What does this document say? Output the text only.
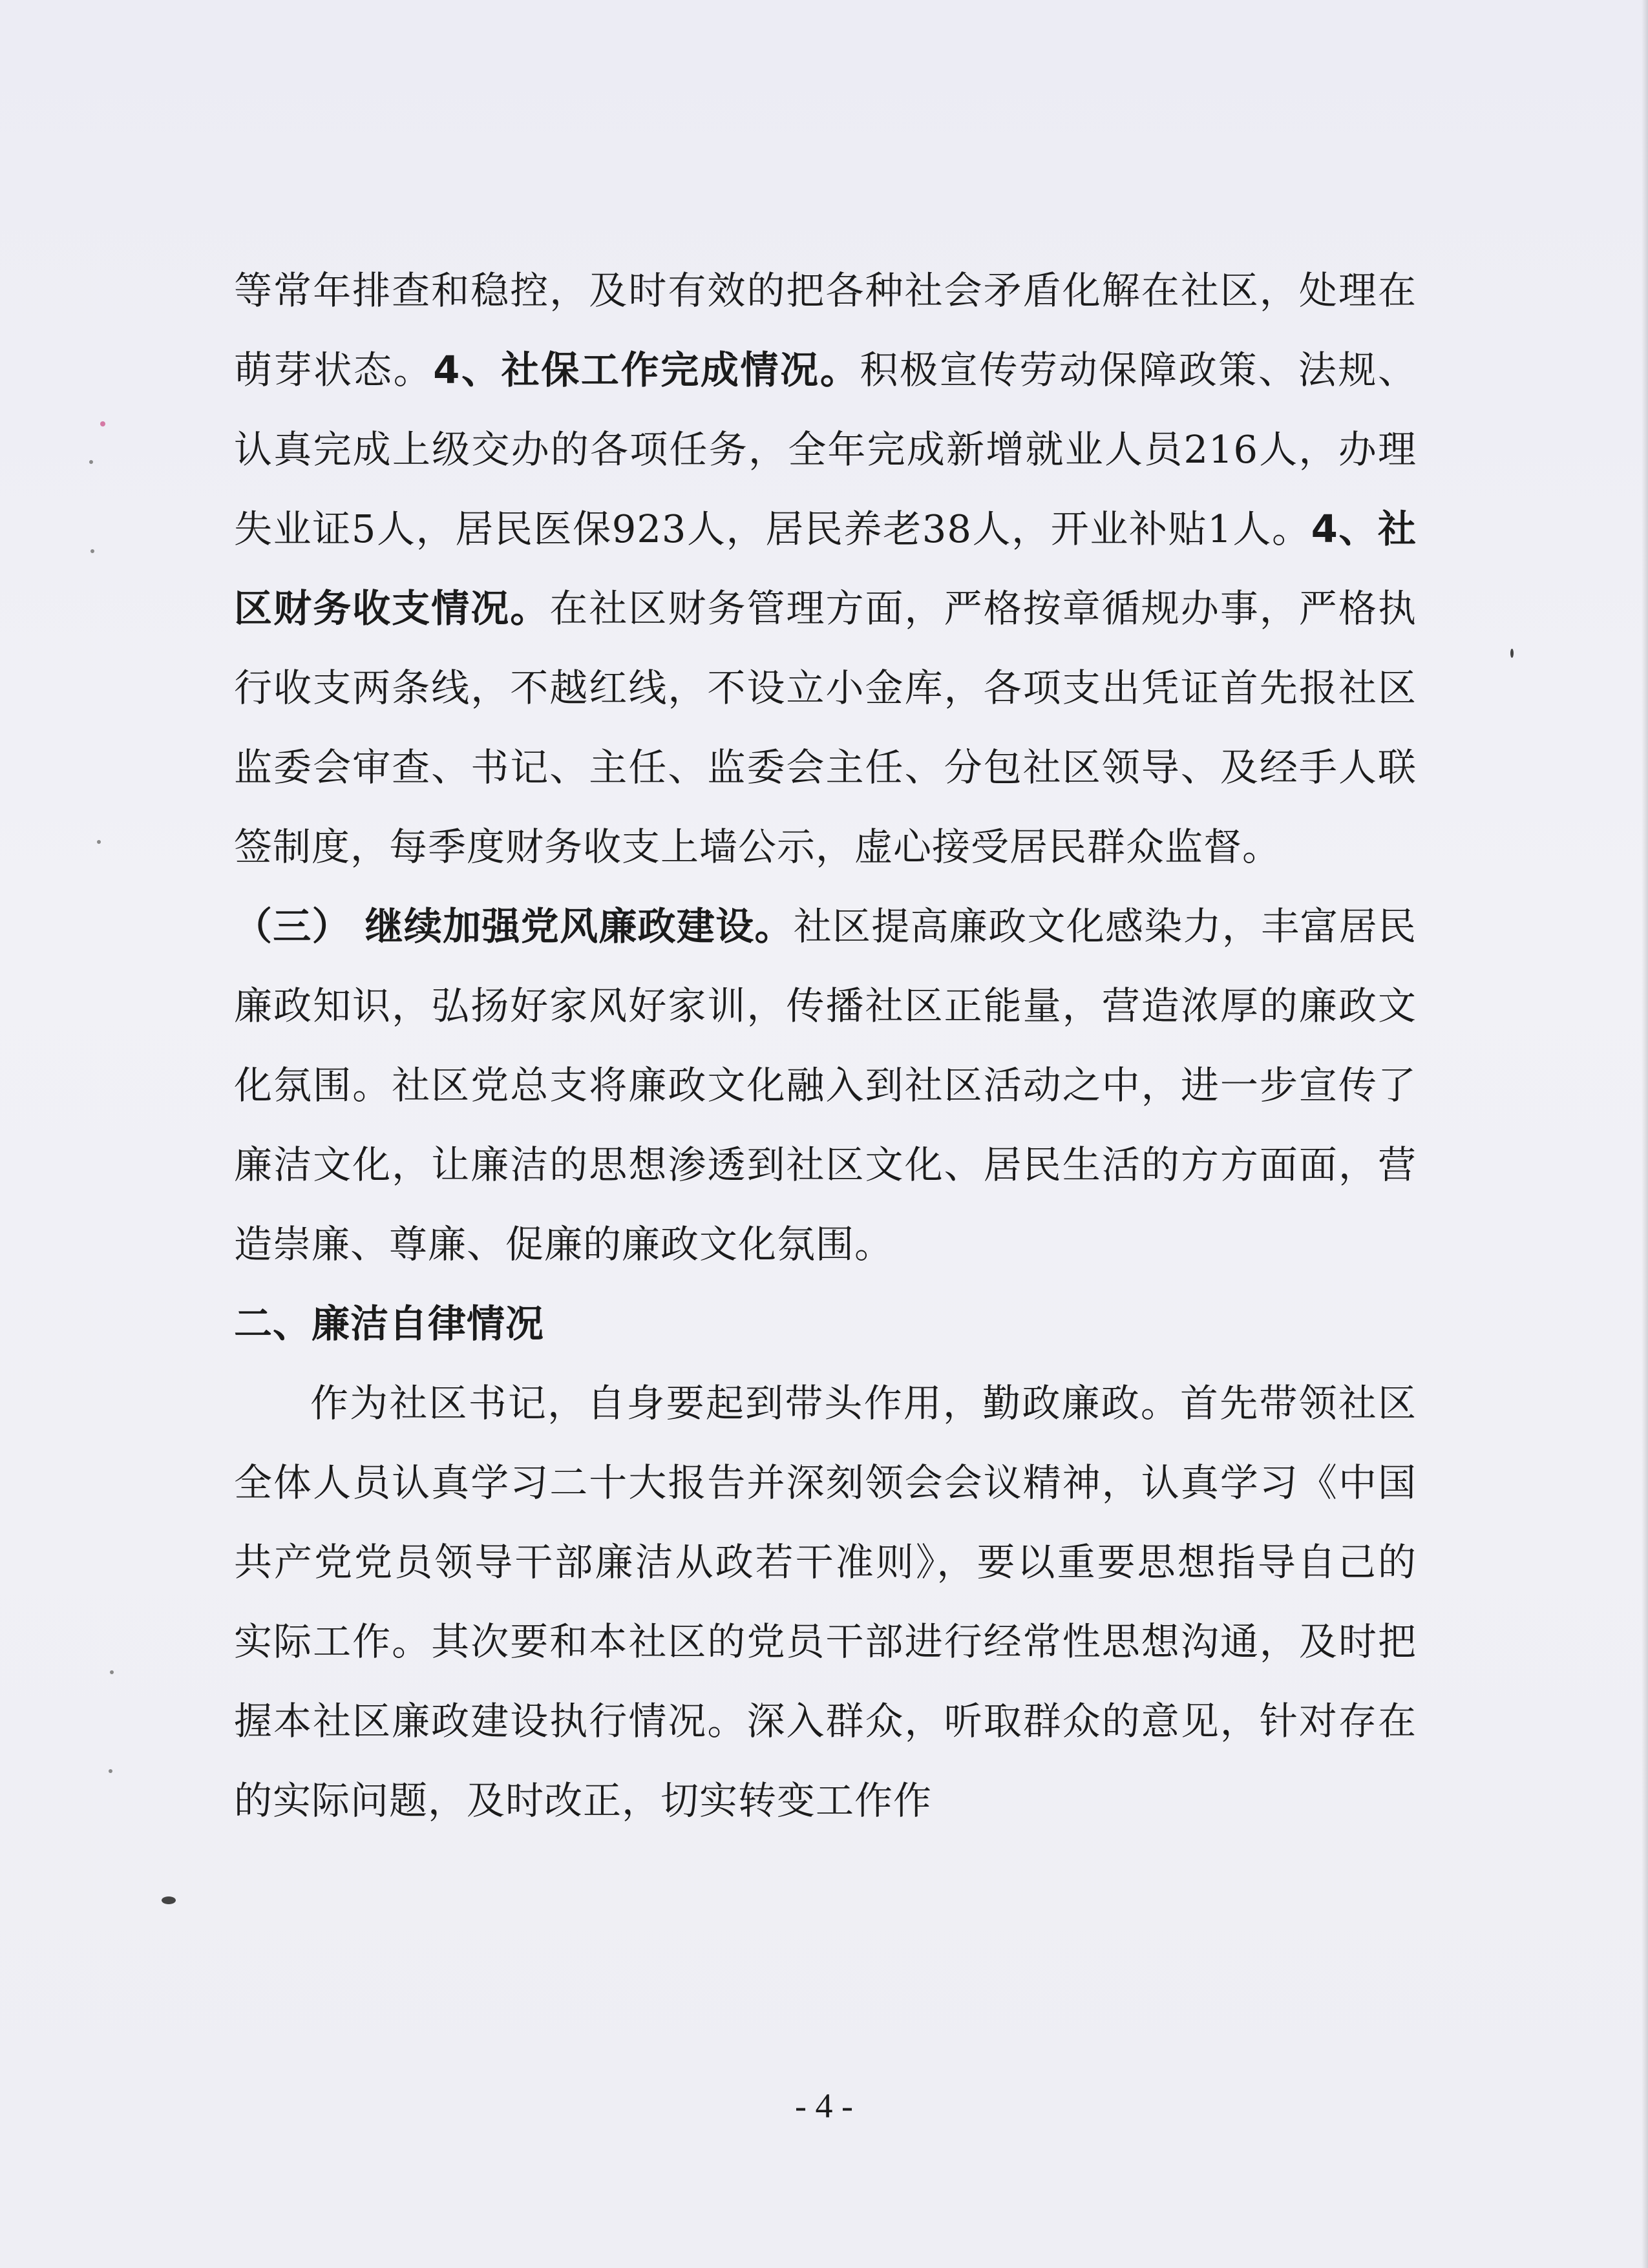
等常年排查和稳控，及时有效的把各种社会矛盾化解在社区，处理在萌芽状态。4、社保工作完成情况。积极宣传劳动保障政策、法规、认真完成上级交办的各项任务，全年完成新增就业人员216人，办理失业证5人，居民医保923人，居民养老38人，开业补贴1人。4、社区财务收支情况。在社区财务管理方面，严格按章循规办事，严格执行收支两条线，不越红线，不设立小金库，各项支出凭证首先报社区监委会审查、书记、主任、监委会主任、分包社区领导、及经手人联签制度，每季度财务收支上墙公示，虚心接受居民群众监督。

（三） 继续加强党风廉政建设。社区提高廉政文化感染力，丰富居民廉政知识，弘扬好家风好家训，传播社区正能量，营造浓厚的廉政文化氛围。社区党总支将廉政文化融入到社区活动之中，进一步宣传了廉洁文化，让廉洁的思想渗透到社区文化、居民生活的方方面面，营造崇廉、尊廉、促廉的廉政文化氛围。

二、廉洁自律情况

作为社区书记，自身要起到带头作用，勤政廉政。首先带领社区全体人员认真学习二十大报告并深刻领会会议精神，认真学习《中国共产党党员领导干部廉洁从政若干准则》，要以重要思想指导自己的实际工作。其次要和本社区的党员干部进行经常性思想沟通，及时把握本社区廉政建设执行情况。深入群众，听取群众的意见，针对存在的实际问题，及时改正，切实转变工作作

- 4 -
